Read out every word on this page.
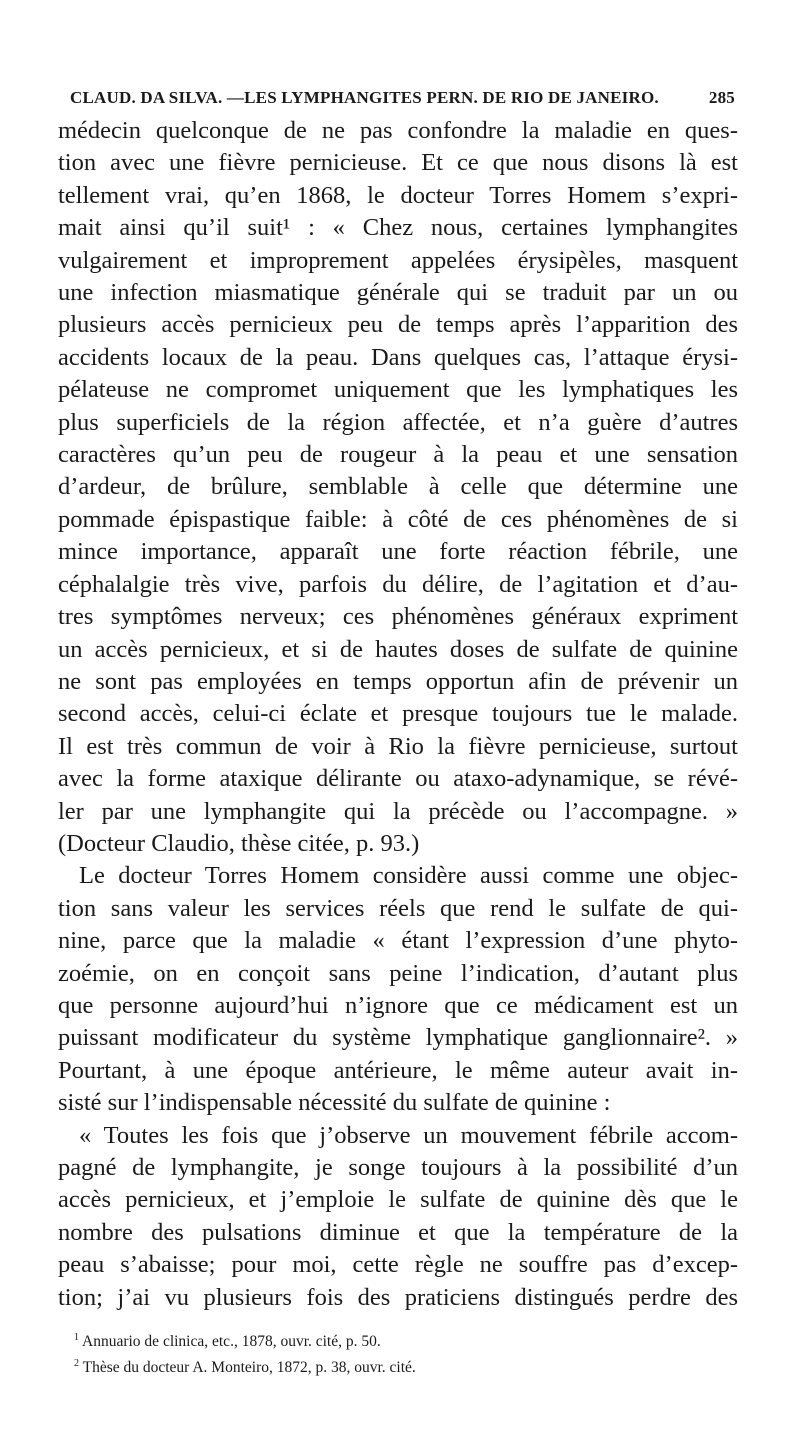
CLAUD. DA SILVA. —LES LYMPHANGITES PERN. DE RIO DE JANEIRO.	285

médecin quelconque de ne pas confondre la maladie en ques-

tion avec une fièvre pernicieuse. Et ce que nous disons là est

tellement vrai, qu’en 1868, le docteur Torres Homem s’expri-

mait ainsi qu’il suit¹ : « Chez nous, certaines lymphangites

vulgairement et improprement appelées érysipèles, masquent

une infection miasmatique générale qui se traduit par un ou

plusieurs accès pernicieux peu de temps après l’apparition des

accidents locaux de la peau. Dans quelques cas, l’attaque érysi-

pélateuse ne compromet uniquement que les lymphatiques les

plus superficiels de la région affectée, et n’a guère d’autres

caractères qu’un peu de rougeur à la peau et une sensation

d’ardeur, de brûlure, semblable à celle que détermine une

pommade épispastique faible: à côté de ces phénomènes de si

mince importance, apparaît une forte réaction fébrile, une

céphalalgie très vive, parfois du délire, de l’agitation et d’au-

tres symptômes nerveux; ces phénomènes généraux expriment

un accès pernicieux, et si de hautes doses de sulfate de quinine

ne sont pas employées en temps opportun afin de prévenir un

second accès, celui-ci éclate et presque toujours tue le malade.

Il est très commun de voir à Rio la fièvre pernicieuse, surtout

avec la forme ataxique délirante ou ataxo-adynamique, se révé-

ler par une lymphangite qui la précède ou l’accompagne. »

(Docteur Claudio, thèse citée, p. 93.)

Le docteur Torres Homem considère aussi comme une objec-

tion sans valeur les services réels que rend le sulfate de qui-

nine, parce que la maladie « étant l’expression d’une phyto-

zoémie, on en conçoit sans peine l’indication, d’autant plus

que personne aujourd’hui n’ignore que ce médicament est un

puissant modificateur du système lymphatique ganglionnaire². »

Pourtant, à une époque antérieure, le même auteur avait in-

sisté sur l’indispensable nécessité du sulfate de quinine :

« Toutes les fois que j’observe un mouvement fébrile accom-

pagné de lymphangite, je songe toujours à la possibilité d’un

accès pernicieux, et j’emploie le sulfate de quinine dès que le

nombre des pulsations diminue et que la température de la

peau s’abaisse; pour moi, cette règle ne souffre pas d’excep-

tion; j’ai vu plusieurs fois des praticiens distingués perdre des

$^1$ Annuario de clinica, etc., 1878, ouvr. cité, p. 50.

$^2$ Thèse du docteur A. Monteiro, 1872, p. 38, ouvr. cité.
